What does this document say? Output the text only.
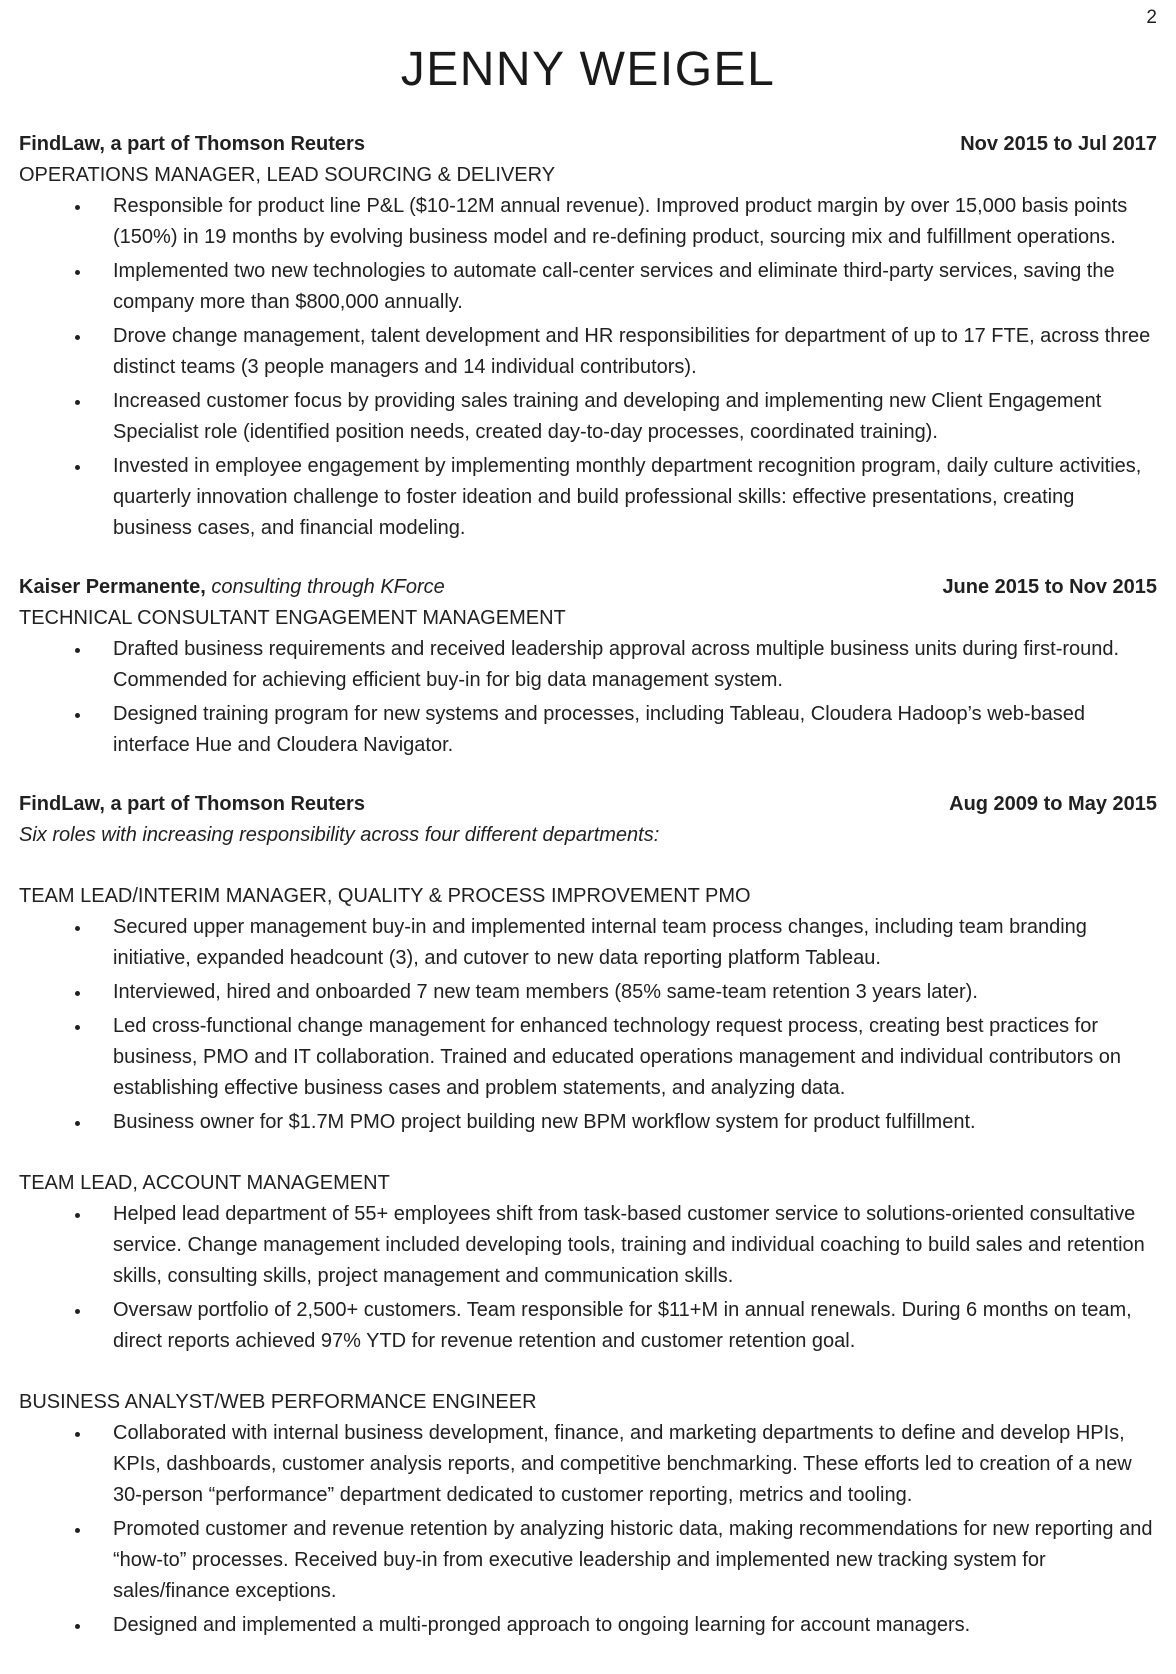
2
JENNY WEIGEL
FindLaw, a part of Thomson Reuters	Nov 2015 to Jul 2017
OPERATIONS MANAGER, LEAD SOURCING & DELIVERY
• Responsible for product line P&L ($10-12M annual revenue). Improved product margin by over 15,000 basis points (150%) in 19 months by evolving business model and re-defining product, sourcing mix and fulfillment operations.
• Implemented two new technologies to automate call-center services and eliminate third-party services, saving the company more than $800,000 annually.
• Drove change management, talent development and HR responsibilities for department of up to 17 FTE, across three distinct teams (3 people managers and 14 individual contributors).
• Increased customer focus by providing sales training and developing and implementing new Client Engagement Specialist role (identified position needs, created day-to-day processes, coordinated training).
• Invested in employee engagement by implementing monthly department recognition program, daily culture activities, quarterly innovation challenge to foster ideation and build professional skills: effective presentations, creating business cases, and financial modeling.
Kaiser Permanente, consulting through KForce	June 2015 to Nov 2015
TECHNICAL CONSULTANT ENGAGEMENT MANAGEMENT
• Drafted business requirements and received leadership approval across multiple business units during first-round. Commended for achieving efficient buy-in for big data management system.
• Designed training program for new systems and processes, including Tableau, Cloudera Hadoop’s web-based interface Hue and Cloudera Navigator.
FindLaw, a part of Thomson Reuters	Aug 2009 to May 2015
Six roles with increasing responsibility across four different departments:
TEAM LEAD/INTERIM MANAGER, QUALITY & PROCESS IMPROVEMENT PMO
• Secured upper management buy-in and implemented internal team process changes, including team branding initiative, expanded headcount (3), and cutover to new data reporting platform Tableau.
• Interviewed, hired and onboarded 7 new team members (85% same-team retention 3 years later).
• Led cross-functional change management for enhanced technology request process, creating best practices for business, PMO and IT collaboration. Trained and educated operations management and individual contributors on establishing effective business cases and problem statements, and analyzing data.
• Business owner for $1.7M PMO project building new BPM workflow system for product fulfillment.
TEAM LEAD, ACCOUNT MANAGEMENT
• Helped lead department of 55+ employees shift from task-based customer service to solutions-oriented consultative service. Change management included developing tools, training and individual coaching to build sales and retention skills, consulting skills, project management and communication skills.
• Oversaw portfolio of 2,500+ customers. Team responsible for $11+M in annual renewals. During 6 months on team, direct reports achieved 97% YTD for revenue retention and customer retention goal.
BUSINESS ANALYST/WEB PERFORMANCE ENGINEER
• Collaborated with internal business development, finance, and marketing departments to define and develop HPIs, KPIs, dashboards, customer analysis reports, and competitive benchmarking. These efforts led to creation of a new 30-person “performance” department dedicated to customer reporting, metrics and tooling.
• Promoted customer and revenue retention by analyzing historic data, making recommendations for new reporting and “how-to” processes. Received buy-in from executive leadership and implemented new tracking system for sales/finance exceptions.
• Designed and implemented a multi-pronged approach to ongoing learning for account managers.
